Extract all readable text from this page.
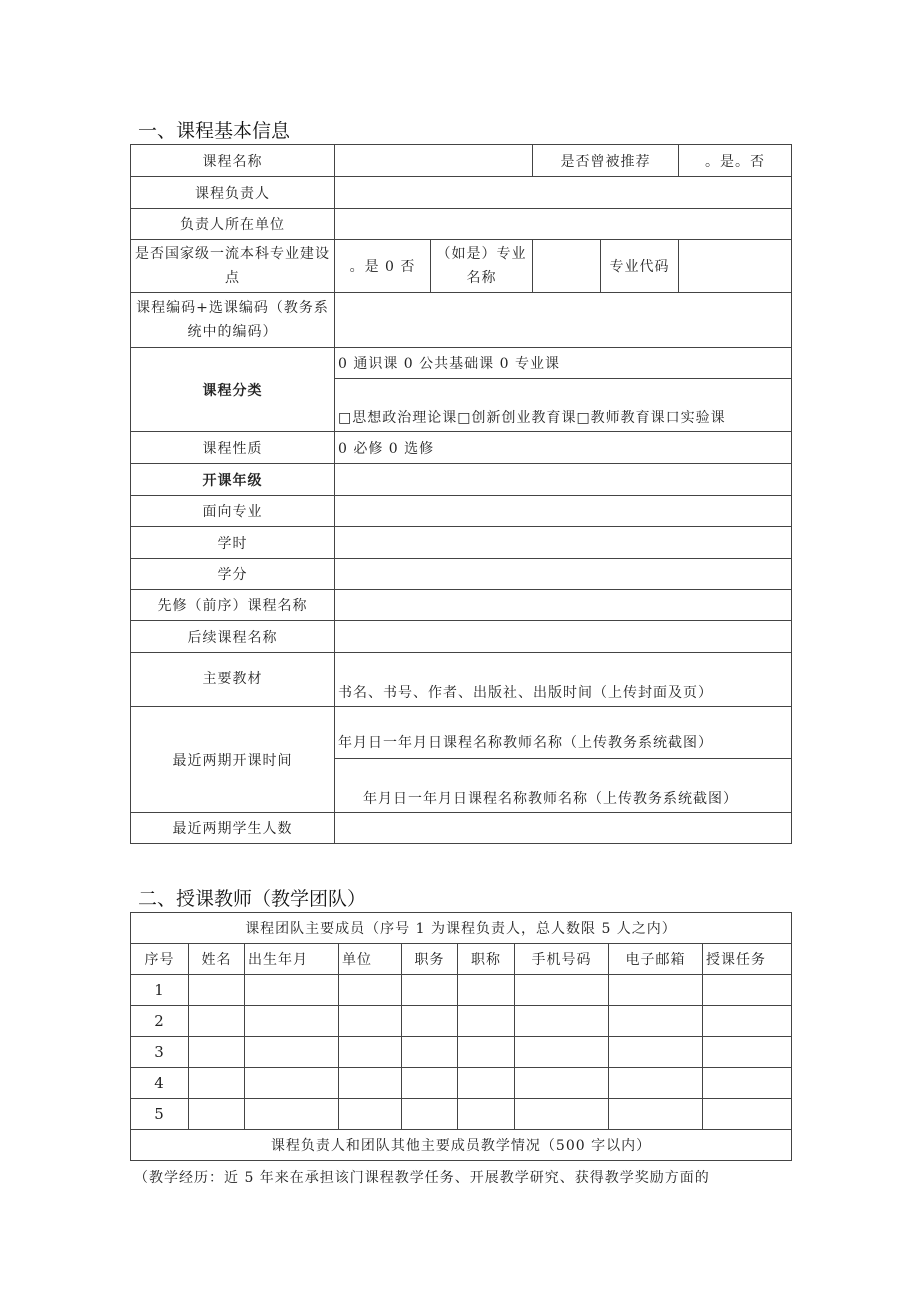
一、课程基本信息
课程名称			是否曾被推荐		。是。否
课程负责人					
负责人所在单位					
是否国家级一流本科专业建设点	。是 0 否	（如是）专业名称		专业代码	
课程编码+选课编码（教务系统中的编码）					
课程分类	0 通识课 0 公共基础课 0 专业课				
	□思想政治理论课□创新创业教育课□教师教育课口实验课				
课程性质	0 必修 0 选修				
开课年级					
面向专业					
学时					
学分					
先修（前序）课程名称					
后续课程名称					
主要教材	书名、书号、作者、出版社、出版时间（上传封面及页）				
最近两期开课时间	年月日一年月日课程名称教师名称（上传教务系统截图）				
	年月日一年月日课程名称教师名称（上传教务系统截图）				
最近两期学生人数					
二、授课教师（教学团队）
课程团队主要成员（序号 1 为课程负责人，总人数限 5 人之内）								
序号	姓名	出生年月	单位	职务	职称	手机号码	电子邮箱	授课任务
1								
2								
3								
4								
5								
课程负责人和团队其他主要成员教学情况（500 字以内）								

（教学经历：近 5 年来在承担该门课程教学任务、开展教学研究、获得教学奖励方面的
